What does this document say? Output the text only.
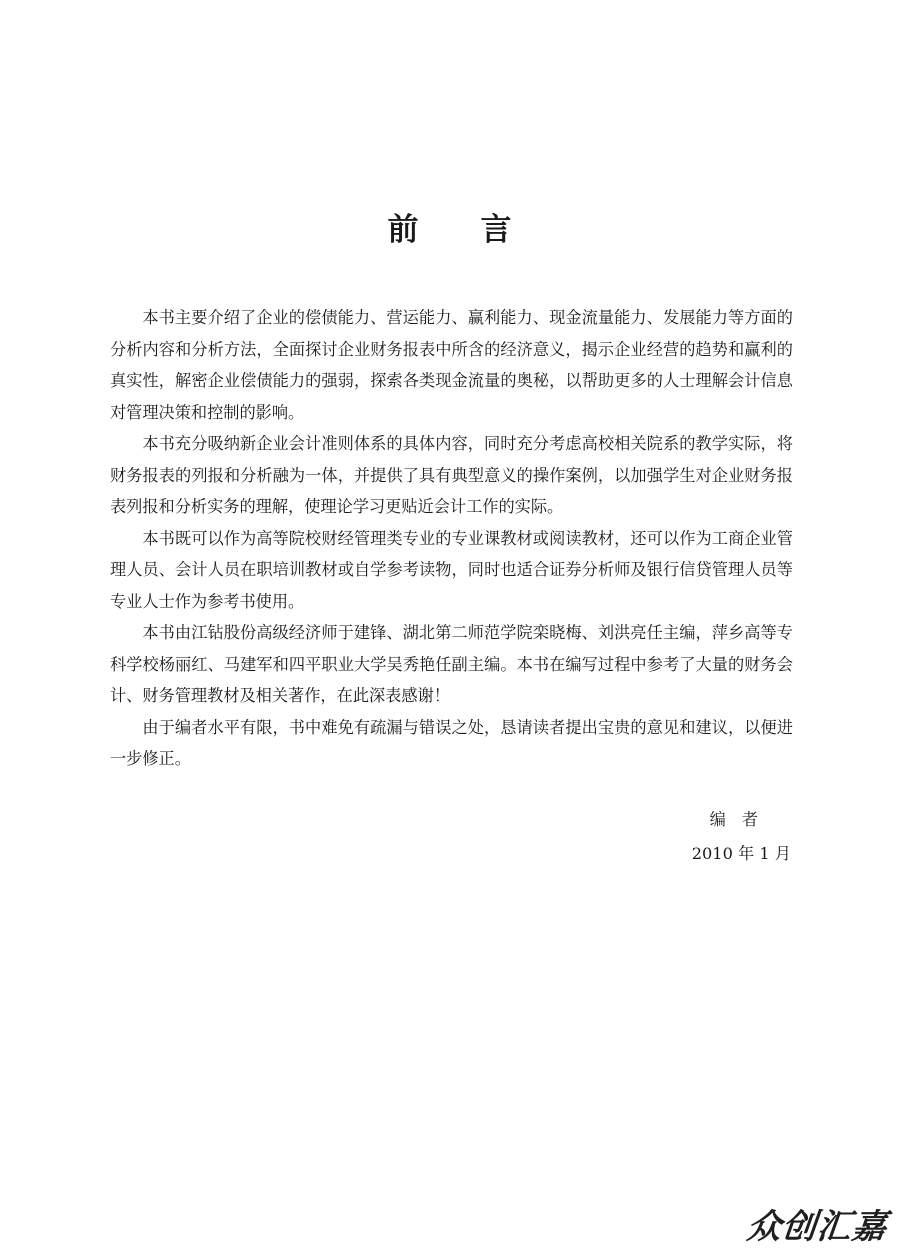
前言

本书主要介绍了企业的偿债能力、营运能力、赢利能力、现金流量能力、发展能力等方面的分析内容和分析方法，全面探讨企业财务报表中所含的经济意义，揭示企业经营的趋势和赢利的真实性，解密企业偿债能力的强弱，探索各类现金流量的奥秘，以帮助更多的人士理解会计信息对管理决策和控制的影响。

本书充分吸纳新企业会计准则体系的具体内容，同时充分考虑高校相关院系的教学实际，将财务报表的列报和分析融为一体，并提供了具有典型意义的操作案例，以加强学生对企业财务报表列报和分析实务的理解，使理论学习更贴近会计工作的实际。

本书既可以作为高等院校财经管理类专业的专业课教材或阅读教材，还可以作为工商企业管理人员、会计人员在职培训教材或自学参考读物，同时也适合证券分析师及银行信贷管理人员等专业人士作为参考书使用。

本书由江钻股份高级经济师于建锋、湖北第二师范学院栾晓梅、刘洪亮任主编，萍乡高等专科学校杨丽红、马建军和四平职业大学吴秀艳任副主编。本书在编写过程中参考了大量的财务会计、财务管理教材及相关著作，在此深表感谢！

由于编者水平有限，书中难免有疏漏与错误之处，恳请读者提出宝贵的意见和建议，以便进一步修正。

编者

2010 年 1 月

众创汇嘉
